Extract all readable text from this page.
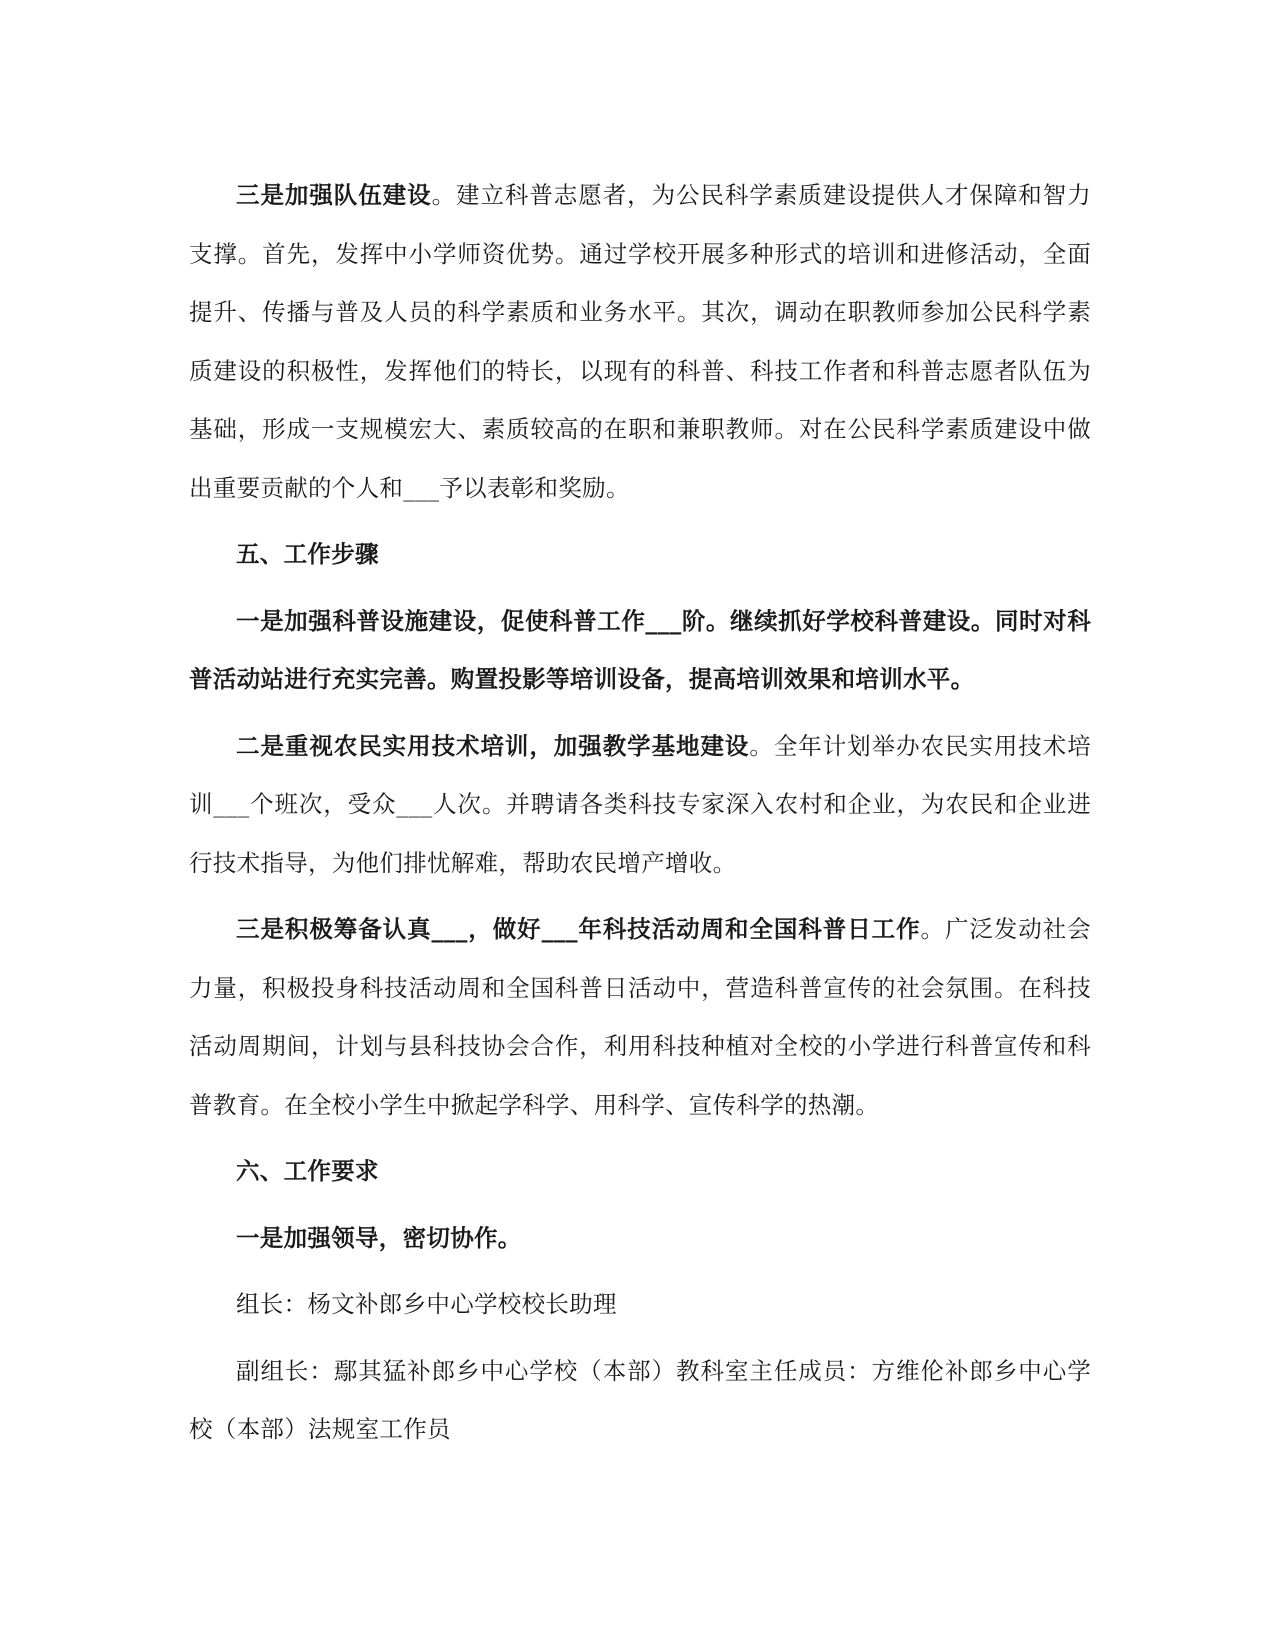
三是加强队伍建设。建立科普志愿者，为公民科学素质建设提供人才保障和智力支撑。首先，发挥中小学师资优势。通过学校开展多种形式的培训和进修活动，全面提升、传播与普及人员的科学素质和业务水平。其次，调动在职教师参加公民科学素质建设的积极性，发挥他们的特长，以现有的科普、科技工作者和科普志愿者队伍为基础，形成一支规模宏大、素质较高的在职和兼职教师。对在公民科学素质建设中做出重要贡献的个人和___予以表彰和奖励。

五、工作步骤

一是加强科普设施建设，促使科普工作___阶。继续抓好学校科普建设。同时对科普活动站进行充实完善。购置投影等培训设备，提高培训效果和培训水平。

二是重视农民实用技术培训，加强教学基地建设。全年计划举办农民实用技术培训___个班次，受众___人次。并聘请各类科技专家深入农村和企业，为农民和企业进行技术指导，为他们排忧解难，帮助农民增产增收。

三是积极筹备认真___，做好___年科技活动周和全国科普日工作。广泛发动社会力量，积极投身科技活动周和全国科普日活动中，营造科普宣传的社会氛围。在科技活动周期间，计划与县科技协会合作，利用科技种植对全校的小学进行科普宣传和科普教育。在全校小学生中掀起学科学、用科学、宣传科学的热潮。

六、工作要求

一是加强领导，密切协作。

组长：杨文补郎乡中心学校校长助理

副组长：鄢其猛补郎乡中心学校（本部）教科室主任成员：方维伦补郎乡中心学校（本部）法规室工作员
